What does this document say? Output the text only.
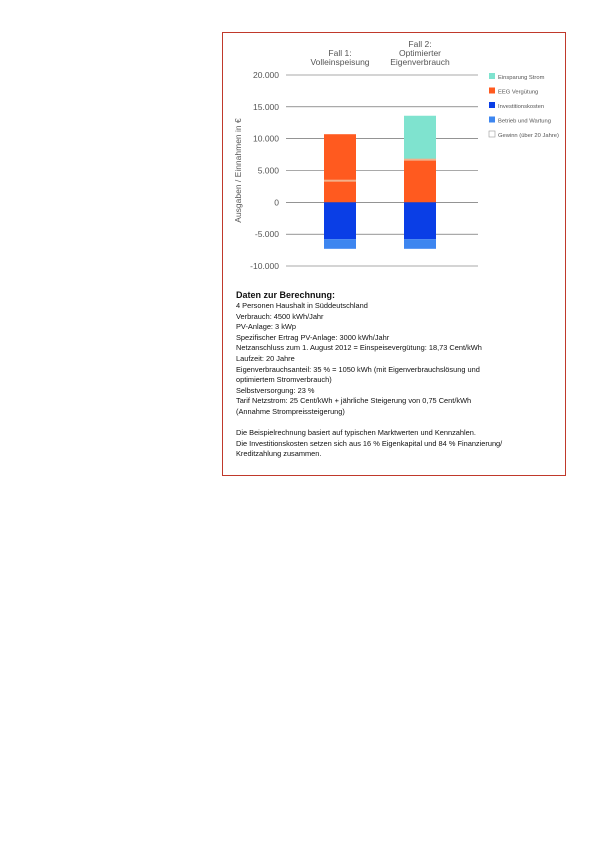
20.000
15.000
10.000
5.000
0
-5.000
-10.000
Ausgaben / Einnahmen in €
Fall 1:
Volleinspeisung
Fall 2:
Optimierter
Eigenverbrauch
Einsparung Strom
EEG Vergütung
Investitionskosten
Betrieb und Wartung
Gewinn (über 20 Jahre)
Daten zur Berechnung:

4 Personen Haushalt in Süddeutschland

Verbrauch: 4500 kWh/Jahr

PV-Anlage: 3 kWp

Spezifischer Ertrag PV-Anlage: 3000 kWh/Jahr

Netzanschluss zum 1. August 2012 = Einspeisevergütung: 18,73 Cent/kWh

Laufzeit: 20 Jahre

Eigenverbrauchsanteil: 35 % = 1050 kWh (mit Eigenverbrauchslösung und

optimiertem Stromverbrauch)

Selbstversorgung: 23 %

Tarif Netzstrom: 25 Cent/kWh + jährliche Steigerung von 0,75 Cent/kWh

(Annahme Strompreissteigerung)

Die Beispielrechnung basiert auf typischen Marktwerten und Kennzahlen.

Die Investitionskosten setzen sich aus 16 % Eigenkapital und 84 % Finanzierung/

Kreditzahlung zusammen.
